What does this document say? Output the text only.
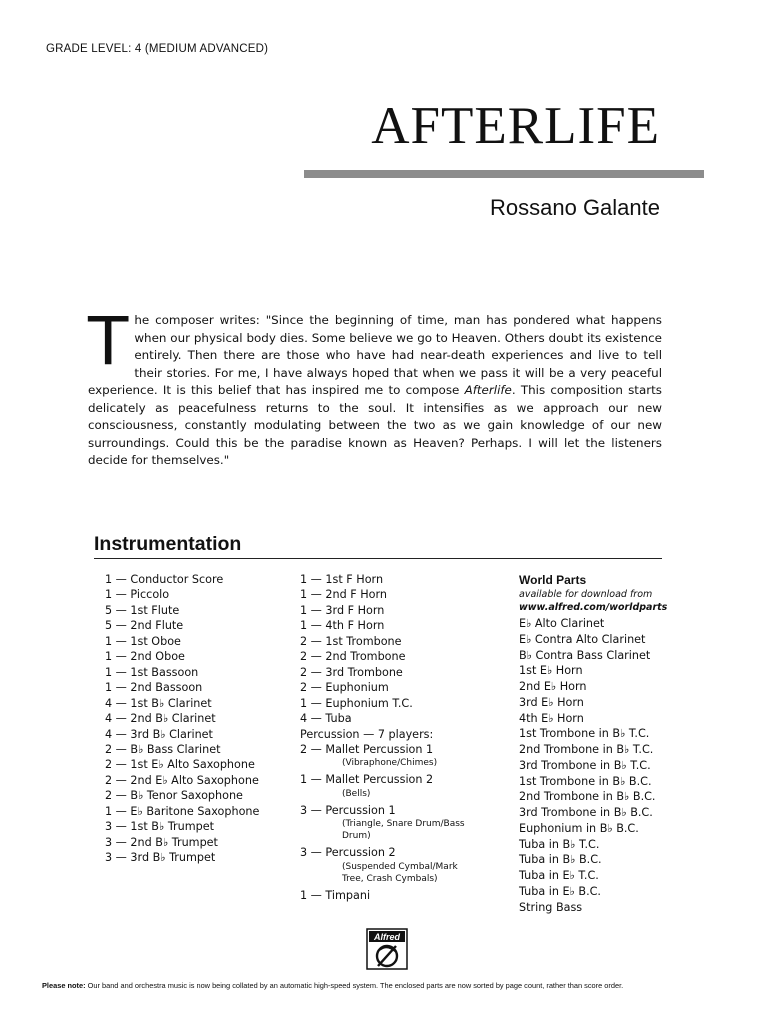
GRADE LEVEL: 4 (MEDIUM ADVANCED)
AFTERLIFE
Rossano Galante
The composer writes: "Since the beginning of time, man has pondered what happens when our physical body dies. Some believe we go to Heaven. Others doubt its existence entirely. Then there are those who have had near-death experiences and live to tell their stories. For me, I have always hoped that when we pass it will be a very peaceful experience. It is this belief that has inspired me to compose Afterlife. This composition starts delicately as peacefulness returns to the soul. It intensifies as we approach our new consciousness, constantly modulating between the two as we gain knowledge of our new surroundings. Could this be the paradise known as Heaven? Perhaps. I will let the listeners decide for themselves."
Instrumentation
1 — Conductor Score
1 — Piccolo
5 — 1st Flute
5 — 2nd Flute
1 — 1st Oboe
1 — 2nd Oboe
1 — 1st Bassoon
1 — 2nd Bassoon
4 — 1st B♭ Clarinet
4 — 2nd B♭ Clarinet
4 — 3rd B♭ Clarinet
2 — B♭ Bass Clarinet
2 — 1st E♭ Alto Saxophone
2 — 2nd E♭ Alto Saxophone
2 — B♭ Tenor Saxophone
1 — E♭ Baritone Saxophone
3 — 1st B♭ Trumpet
3 — 2nd B♭ Trumpet
3 — 3rd B♭ Trumpet
1 — 1st F Horn
1 — 2nd F Horn
1 — 3rd F Horn
1 — 4th F Horn
2 — 1st Trombone
2 — 2nd Trombone
2 — 3rd Trombone
2 — Euphonium
1 — Euphonium T.C.
4 — Tuba
Percussion — 7 players:
2 — Mallet Percussion 1
(Vibraphone/Chimes)
1 — Mallet Percussion 2
(Bells)
3 — Percussion 1
(Triangle, Snare Drum/Bass
Drum)
3 — Percussion 2
(Suspended Cymbal/Mark
Tree, Crash Cymbals)
1 — Timpani
World Parts
available for download from
www.alfred.com/worldparts
E♭ Alto Clarinet
E♭ Contra Alto Clarinet
B♭ Contra Bass Clarinet
1st E♭ Horn
2nd E♭ Horn
3rd E♭ Horn
4th E♭ Horn
1st Trombone in B♭ T.C.
2nd Trombone in B♭ T.C.
3rd Trombone in B♭ T.C.
1st Trombone in B♭ B.C.
2nd Trombone in B♭ B.C.
3rd Trombone in B♭ B.C.
Euphonium in B♭ B.C.
Tuba in B♭ T.C.
Tuba in B♭ B.C.
Tuba in E♭ T.C.
Tuba in E♭ B.C.
String Bass
Alfred
Please note: Our band and orchestra music is now being collated by an automatic high-speed system. The enclosed parts are now sorted by page count, rather than score order.
